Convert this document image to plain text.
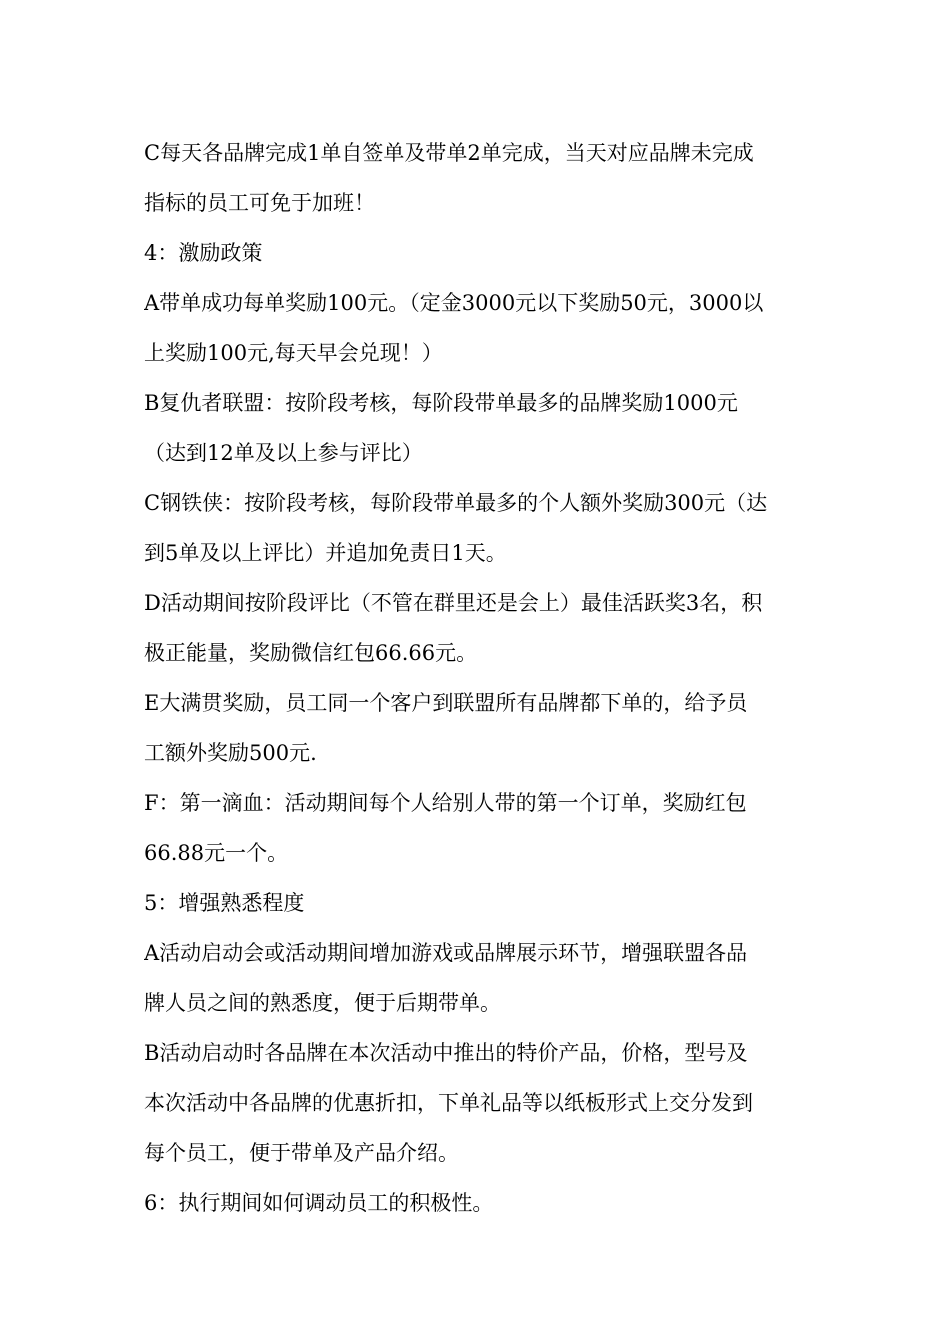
C每天各品牌完成1单自签单及带单2单完成，当天对应品牌未完成
指标的员工可免于加班！
4：激励政策
A带单成功每单奖励100元。（定金3000元以下奖励50元，3000以
上奖励100元,每天早会兑现！）
B复仇者联盟：按阶段考核，每阶段带单最多的品牌奖励1000元
（达到12单及以上参与评比）
C钢铁侠：按阶段考核，每阶段带单最多的个人额外奖励300元（达
到5单及以上评比）并追加免责日1天。
D活动期间按阶段评比（不管在群里还是会上）最佳活跃奖3名，积
极正能量，奖励微信红包66.66元。
E大满贯奖励，员工同一个客户到联盟所有品牌都下单的，给予员
工额外奖励500元.
F：第一滴血：活动期间每个人给别人带的第一个订单，奖励红包
66.88元一个。
5：增强熟悉程度
A活动启动会或活动期间增加游戏或品牌展示环节，增强联盟各品
牌人员之间的熟悉度，便于后期带单。
B活动启动时各品牌在本次活动中推出的特价产品，价格，型号及
本次活动中各品牌的优惠折扣，下单礼品等以纸板形式上交分发到
每个员工，便于带单及产品介绍。
6：执行期间如何调动员工的积极性。
